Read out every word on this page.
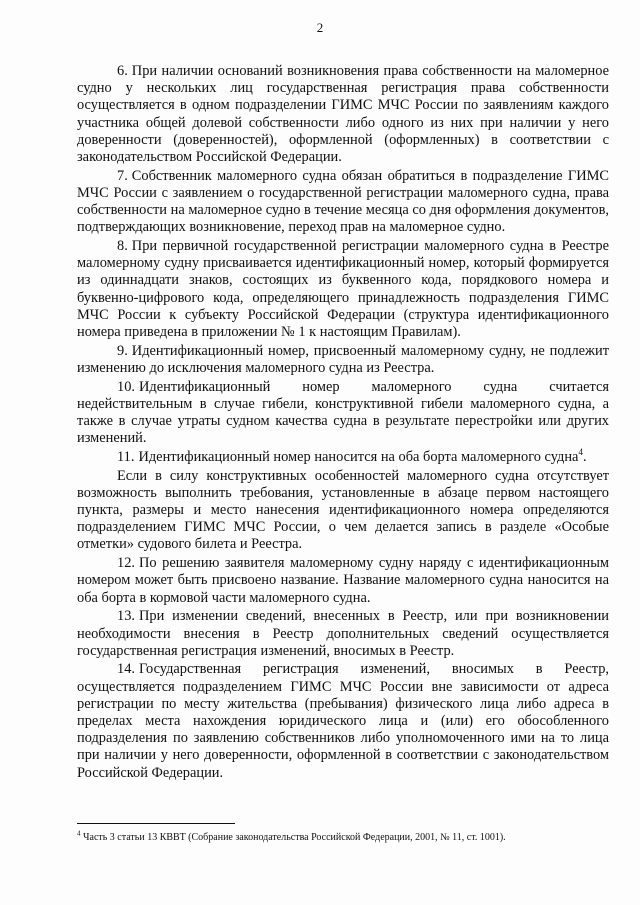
2

6. При наличии оснований возникновения права собственности на маломерное судно у нескольких лиц государственная регистрация права собственности осуществляется в одном подразделении ГИМС МЧС России по заявлениям каждого участника общей долевой собственности либо одного из них при наличии у него доверенности (доверенностей), оформленной (оформленных) в соответствии с законодательством Российской Федерации.

7. Собственник маломерного судна обязан обратиться в подразделение ГИМС МЧС России с заявлением о государственной регистрации маломерного судна, права собственности на маломерное судно в течение месяца со дня оформления документов, подтверждающих возникновение, переход прав на маломерное судно.

8. При первичной государственной регистрации маломерного судна в Реестре маломерному судну присваивается идентификационный номер, который формируется из одиннадцати знаков, состоящих из буквенного кода, порядкового номера и буквенно-цифрового кода, определяющего принадлежность подразделения ГИМС МЧС России к субъекту Российской Федерации (структура идентификационного номера приведена в приложении № 1 к настоящим Правилам).

9. Идентификационный номер, присвоенный маломерному судну, не подлежит изменению до исключения маломерного судна из Реестра.

10. Идентификационный номер маломерного судна считается недействительным в случае гибели, конструктивной гибели маломерного судна, а также в случае утраты судном качества судна в результате перестройки или других изменений.

11. Идентификационный номер наносится на оба борта маломерного судна$^4$.

Если в силу конструктивных особенностей маломерного судна отсутствует возможность выполнить требования, установленные в абзаце первом настоящего пункта, размеры и место нанесения идентификационного номера определяются подразделением ГИМС МЧС России, о чем делается запись в разделе «Особые отметки» судового билета и Реестра.

12. По решению заявителя маломерному судну наряду с идентификационным номером может быть присвоено название. Название маломерного судна наносится на оба борта в кормовой части маломерного судна.

13. При изменении сведений, внесенных в Реестр, или при возникновении необходимости внесения в Реестр дополнительных сведений осуществляется государственная регистрация изменений, вносимых в Реестр.

14. Государственная регистрация изменений, вносимых в Реестр, осуществляется подразделением ГИМС МЧС России вне зависимости от адреса регистрации по месту жительства (пребывания) физического лица либо адреса в пределах места нахождения юридического лица и (или) его обособленного подразделения по заявлению собственников либо уполномоченного ими на то лица при наличии у него доверенности, оформленной в соответствии с законодательством Российской Федерации.

$^4$ Часть 3 статьи 13 КВВТ (Собрание законодательства Российской Федерации, 2001, № 11, ст. 1001).
